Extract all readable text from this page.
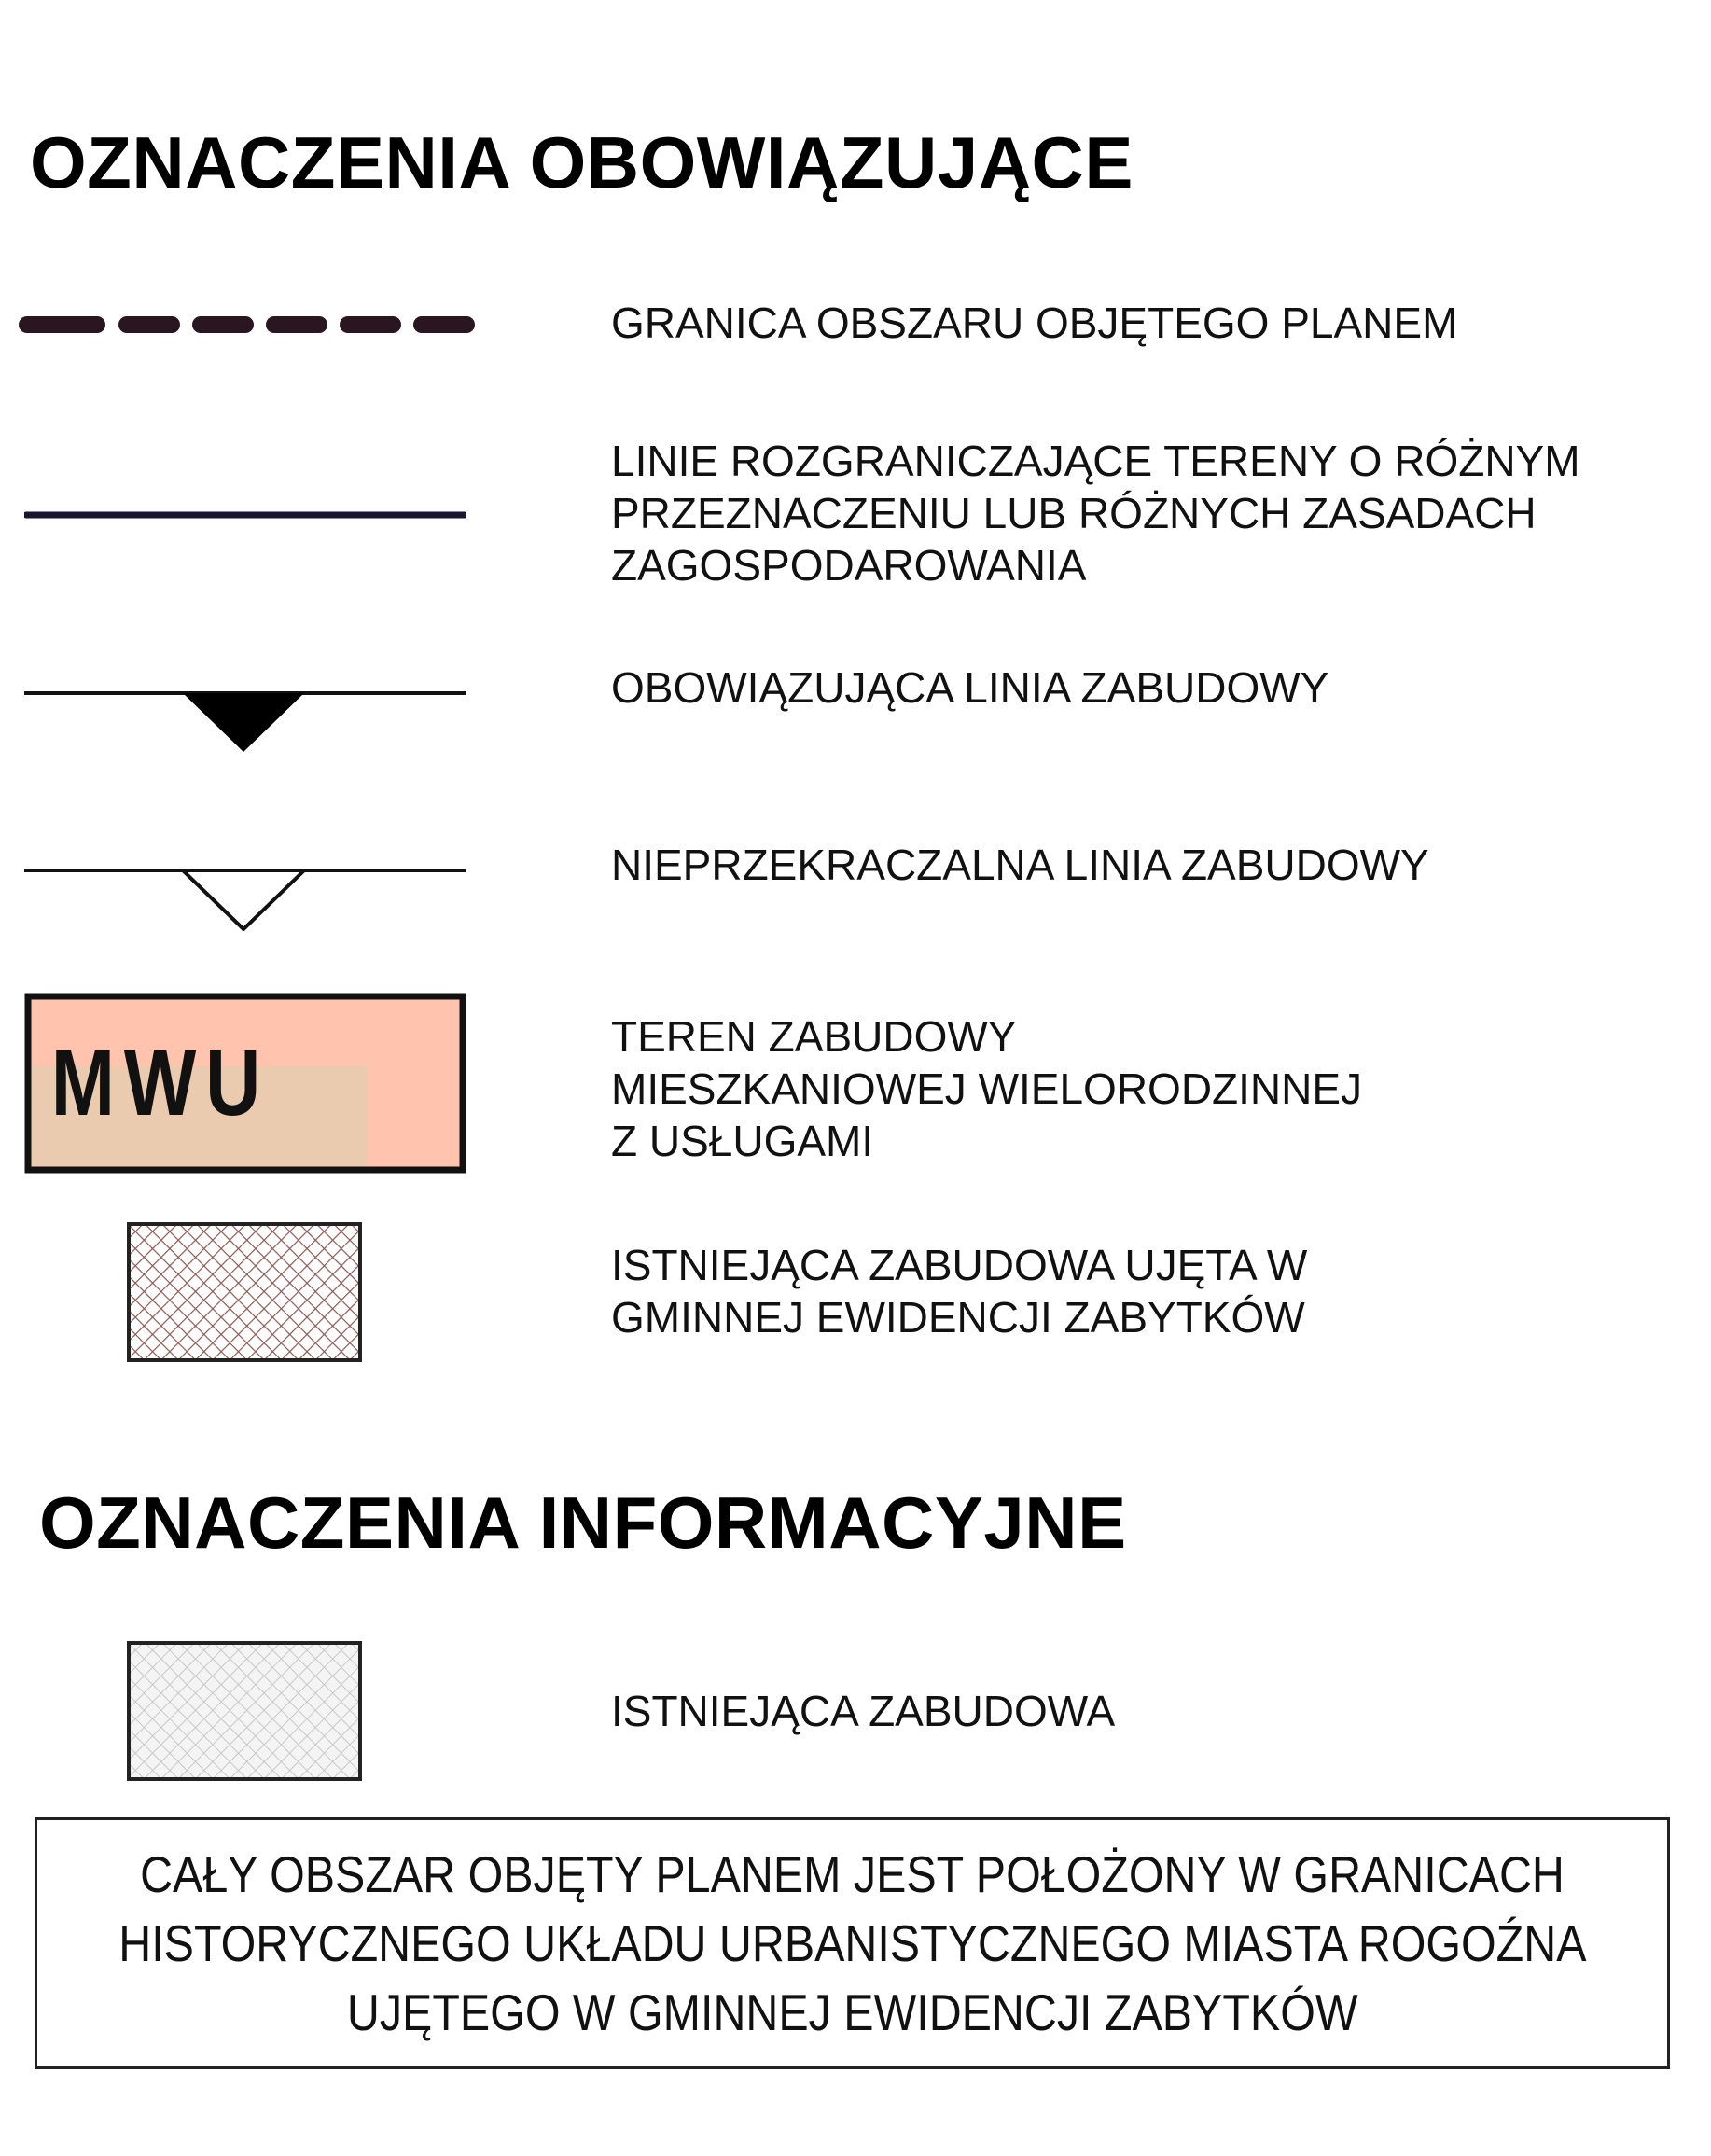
OZNACZENIA OBOWIĄZUJĄCE
GRANICA OBSZARU OBJĘTEGO PLANEM
LINIE ROZGRANICZAJĄCE TERENY O RÓŻNYM
PRZEZNACZENIU LUB RÓŻNYCH ZASADACH
ZAGOSPODAROWANIA
OBOWIĄZUJĄCA LINIA ZABUDOWY
NIEPRZEKRACZALNA LINIA ZABUDOWY
MWU	TEREN ZABUDOWY
MIESZKANIOWEJ WIELORODZINNEJ
Z USŁUGAMI
ISTNIEJĄCA ZABUDOWA UJĘTA W
GMINNEJ EWIDENCJI ZABYTKÓW
OZNACZENIA INFORMACYJNE
ISTNIEJĄCA ZABUDOWA
CAŁY OBSZAR OBJĘTY PLANEM JEST POŁOŻONY W GRANICACH
HISTORYCZNEGO UKŁADU URBANISTYCZNEGO MIASTA ROGOŹNA
UJĘTEGO W GMINNEJ EWIDENCJI ZABYTKÓW
